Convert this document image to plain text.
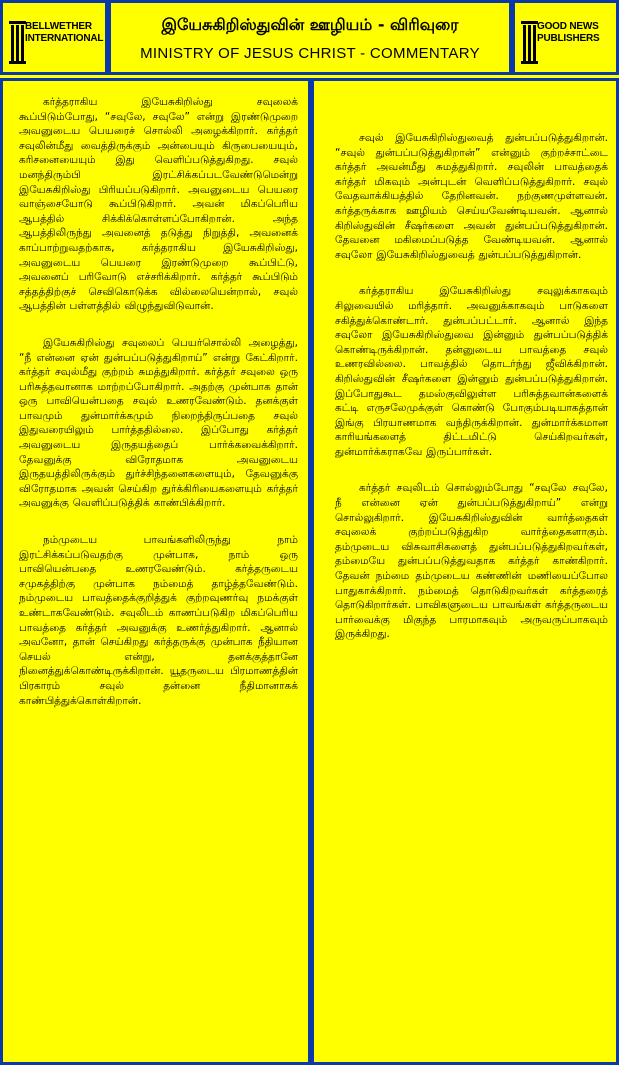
BELLWETHER
INTERNATIONAL
இயேசுகிறிஸ்துவின் ஊழியம் - விரிவுரை
MINISTRY OF JESUS CHRIST - COMMENTARY
GOOD NEWS
PUBLISHERS

கர்த்தராகிய இயேசுகிறிஸ்து சவுலைக் கூப்பிடும்போது, “சவுலே, சவுலே” என்று இரண்டுமுறை அவனுடைய பெயரைச் சொல்லி அழைக்கிறார். கர்த்தர் சவுலின்மீது வைத்திருக்கும் அன்பையும் கிருபையையும், கரிசனையையும் இது வெளிப்படுத்துகிறது. சவுல் மனந்திரும்பி இரட்சிக்கப்படவேண்டுமென்று இயேசுகிறிஸ்து பிரியப்படுகிறார். அவனுடைய பெயரை வாஞ்சையோடு கூப்பிடுகிறார். அவன் மிகப்பெரிய ஆபத்தில் சிக்கிக்கொள்ளப்போகிறான். அந்த ஆபத்திலிருந்து அவனைத் தடுத்து நிறுத்தி, அவனைக் காப்பாற்றுவதற்காக, கர்த்தராகிய இயேசுகிறிஸ்து, அவனுடைய பெயரை இரண்டுமுறை கூப்பிட்டு, அவனைப் பரிவோடு எச்சரிக்கிறார். கர்த்தர் கூப்பிடும் சத்தத்திற்குச் செவிகொடுக்க வில்லையென்றால், சவுல் ஆபத்தின் பள்ளத்தில் விழுந்துவிடுவான்.

இயேசுகிறிஸ்து சவுலைப் பெயர்சொல்லி அழைத்து, “நீ என்னை ஏன் துன்பப்படுத்துகிறாய்” என்று கேட்கிறார். கர்த்தர் சவுல்மீது குற்றம் சுமத்துகிறார். கர்த்தர் சவுலை ஒரு பரிசுத்தவானாக மாற்றப்போகிறார். அதற்கு முன்பாக தான் ஒரு பாவியென்பதை சவுல் உணரவேண்டும். தனக்குள் பாவமும் துன்மார்க்கமும் நிறைந்திருப்பதை சவுல் இதுவரையிலும் பார்த்ததில்லை. இப்போது கர்த்தர் அவனுடைய இருதயத்தைப் பார்க்கவைக்கிறார். தேவனுக்கு விரோதமாக அவனுடைய இருதயத்திலிருக்கும் துர்ச்சிந்தனைகளையும், தேவனுக்கு விரோதமாக அவன் செய்கிற துர்க்கிரியைகளையும் கர்த்தர் அவனுக்கு வெளிப்படுத்திக் காண்பிக்கிறார்.

நம்முடைய பாவங்களிலிருந்து நாம் இரட்சிக்கப்படுவதற்கு முன்பாக, நாம் ஒரு பாவியென்பதை உணரவேண்டும். கர்த்தருடைய சமுகத்திற்கு முன்பாக நம்மைத் தாழ்த்தவேண்டும். நம்முடைய பாவத்தைக்குறித்துக் குற்றவுணர்வு நமக்குள் உண்டாகவேண்டும். சவுலிடம் காணப்படுகிற மிகப்பெரிய பாவத்தை கர்த்தர் அவனுக்கு உணர்த்துகிறார். ஆனால் அவனோ, தான் செய்கிறது கர்த்தருக்கு முன்பாக நீதியான செயல் என்று, தனக்குத்தானே நினைத்துக்கொண்டிருக்கிறான். யூதருடைய பிரமாணத்தின் பிரகாரம் சவுல் தன்னை நீதிமானாகக் காண்பித்துக்கொள்கிறான்.

சவுல் இயேசுகிறிஸ்துவைத் துன்பப்படுத்துகிறான். “சவுல் துன்பப்படுத்துகிறான்” என்னும் குற்றச்சாட்டை கர்த்தர் அவன்மீது சுமத்துகிறார். சவுலின் பாவத்தைக் கர்த்தர் மிகவும் அன்புடன் வெளிப்படுத்துகிறார். சவுல் வேதவாக்கியத்தில் தேறினவன். நற்குணமுள்ளவன். கர்த்தருக்காக ஊழியம் செய்யவேண்டியவன். ஆனால் கிறிஸ்துவின் சீஷர்களை அவன் துன்பப்படுத்துகிறான். தேவனை மகிமைப்படுத்த வேண்டியவன். ஆனால் சவுலோ இயேசுகிறிஸ்துவைத் துன்பப்படுத்துகிறான்.

கர்த்தராகிய இயேசுகிறிஸ்து சவுலுக்காகவும் சிலுவையில் மரித்தார். அவனுக்காகவும் பாடுகளை சகித்துக்கொண்டார். துன்பப்பட்டார். ஆனால் இந்த சவுலோ இயேசுகிறிஸ்துவை இன்னும் துன்பப்படுத்திக் கொண்டிருக்கிறான். தன்னுடைய பாவத்தை சவுல் உணரவில்லை. பாவத்தில் தொடர்ந்து ஜீவிக்கிறான். கிறிஸ்துவின் சீஷர்களை இன்னும் துன்பப்படுத்துகிறான். இப்போதுகூட தமஸ்குவிலுள்ள பரிசுத்தவான்களைக் கட்டி எருசலேமுக்குள் கொண்டு போகும்படியாகத்தான் இங்கு பிரயாணமாக வந்திருக்கிறான். துன்மார்க்கமான காரியங்களைத் திட்டமிட்டு செய்கிறவர்கள், துன்மார்க்கராகவே இருப்பார்கள்.

கர்த்தர் சவுலிடம் சொல்லும்போது “சவுலே சவுலே, நீ என்னை ஏன் துன்பப்படுத்துகிறாய்” என்று சொல்லுகிறார். இயேசுகிறிஸ்துவின் வார்த்தைகள் சவுலைக் குற்றப்படுத்துகிற வார்த்தைகளாகும். தம்முடைய விசுவாசிகளைத் துன்பப்படுத்துகிறவர்கள், தம்மையே துன்பப்படுத்துவதாக கர்த்தர் காண்கிறார். தேவன் நம்மை தம்முடைய கண்ணின் மணியைப்போல பாதுகாக்கிறார். நம்மைத் தொடுகிறவர்கள் கர்த்தரைத் தொடுகிறார்கள். பாவிகளுடைய பாவங்கள் கர்த்தருடைய பார்வைக்கு மிகுந்த பாரமாகவும் அருவருப்பாகவும் இருக்கிறது.
